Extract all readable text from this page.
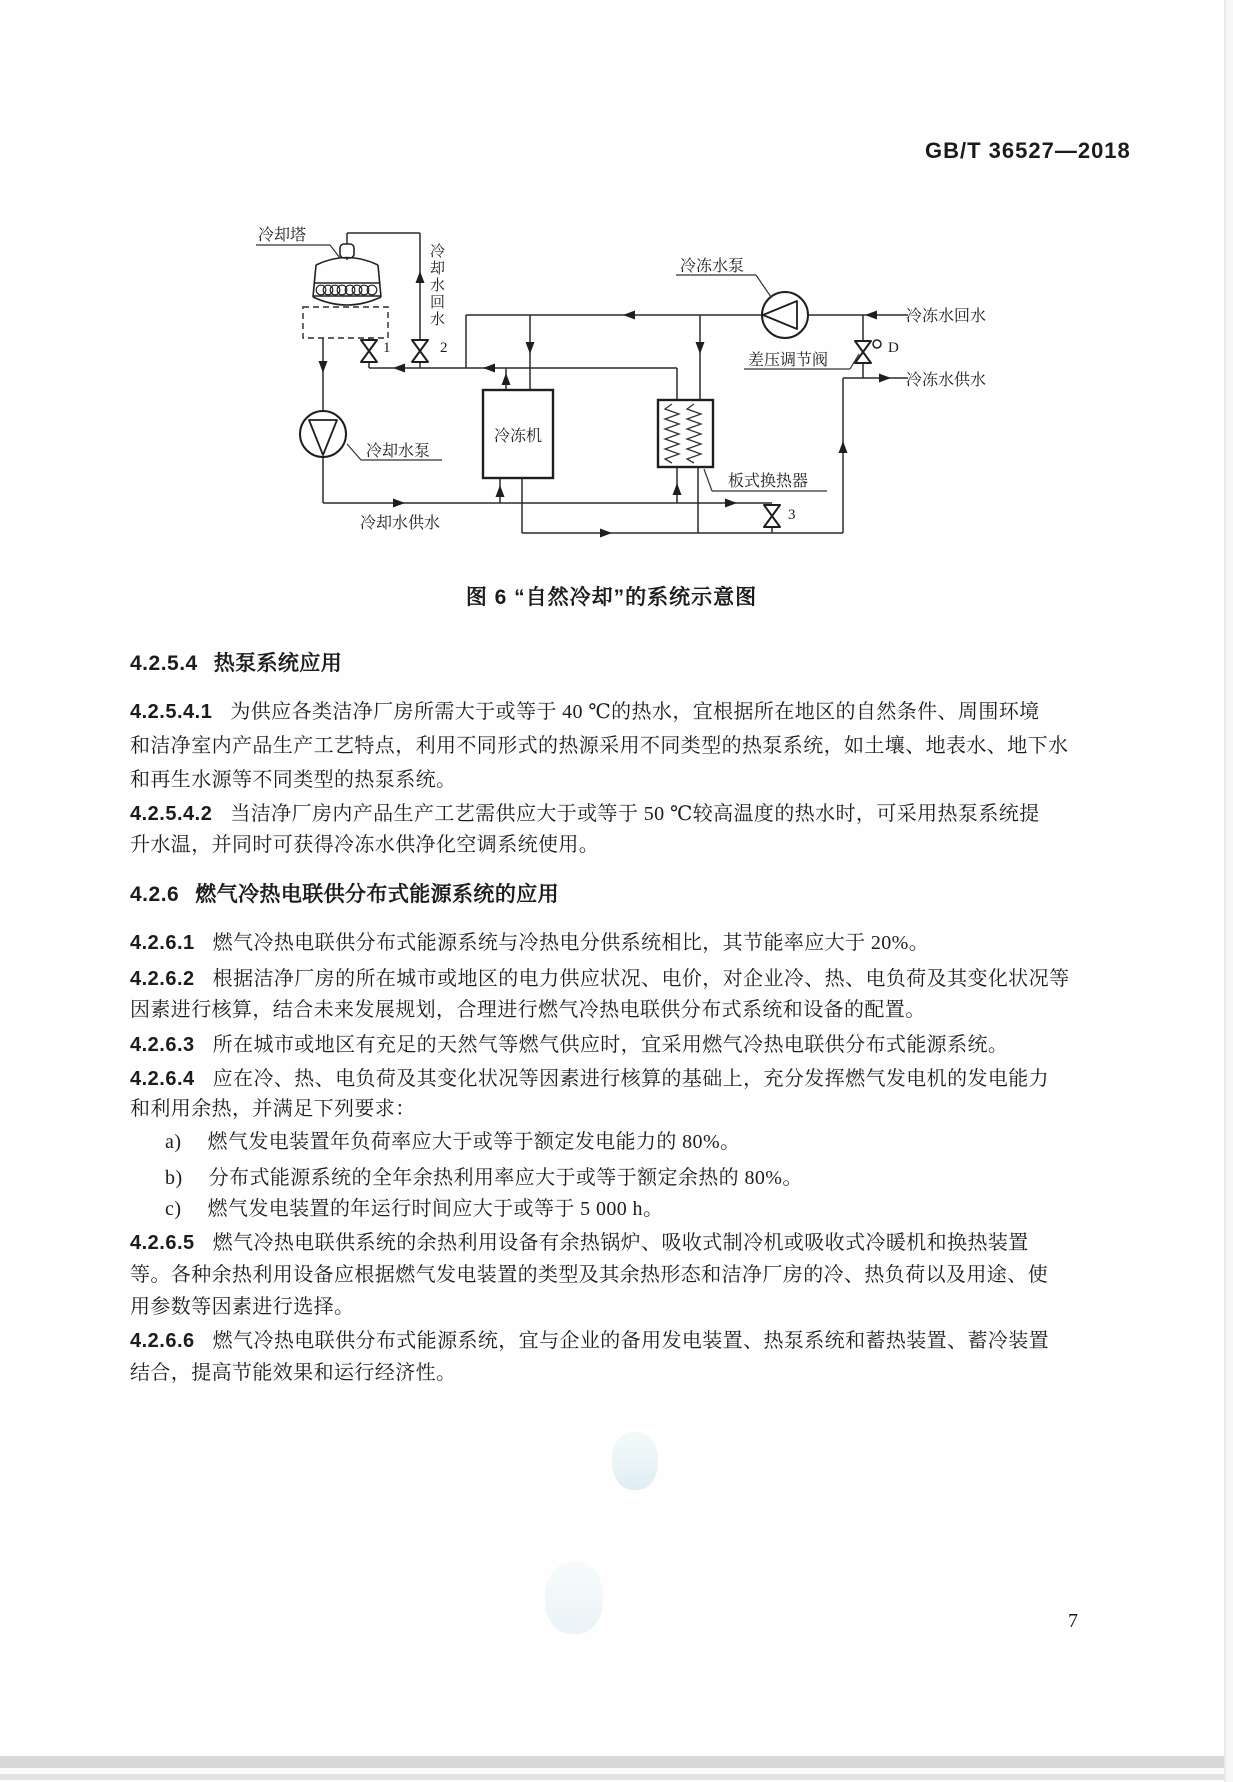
GB/T 36527—2018
冷却塔
冷却水回水	冷冻水泵
冷冻水回水
差压调节阀
D
冷冻水供水
冷冻机
板式换热器
冷却水泵
冷却水供水
1	2
3
图 6 “自然冷却”的系统示意图
4.2.5.4 热泵系统应用
4.2.5.4.1 为供应各类洁净厂房所需大于或等于 40 ℃的热水，宜根据所在地区的自然条件、周围环境
和洁净室内产品生产工艺特点，利用不同形式的热源采用不同类型的热泵系统，如土壤、地表水、地下水
和再生水源等不同类型的热泵系统。
4.2.5.4.2 当洁净厂房内产品生产工艺需供应大于或等于 50 ℃较高温度的热水时，可采用热泵系统提
升水温，并同时可获得冷冻水供净化空调系统使用。
4.2.6 燃气冷热电联供分布式能源系统的应用
4.2.6.1 燃气冷热电联供分布式能源系统与冷热电分供系统相比，其节能率应大于 20%。
4.2.6.2 根据洁净厂房的所在城市或地区的电力供应状况、电价，对企业冷、热、电负荷及其变化状况等
因素进行核算，结合未来发展规划，合理进行燃气冷热电联供分布式系统和设备的配置。
4.2.6.3 所在城市或地区有充足的天然气等燃气供应时，宜采用燃气冷热电联供分布式能源系统。
4.2.6.4 应在冷、热、电负荷及其变化状况等因素进行核算的基础上，充分发挥燃气发电机的发电能力
和利用余热，并满足下列要求：
a) 燃气发电装置年负荷率应大于或等于额定发电能力的 80%。
b) 分布式能源系统的全年余热利用率应大于或等于额定余热的 80%。
c) 燃气发电装置的年运行时间应大于或等于 5 000 h。
4.2.6.5 燃气冷热电联供系统的余热利用设备有余热锅炉、吸收式制冷机或吸收式冷暖机和换热装置
等。各种余热利用设备应根据燃气发电装置的类型及其余热形态和洁净厂房的冷、热负荷以及用途、使
用参数等因素进行选择。
4.2.6.6 燃气冷热电联供分布式能源系统，宜与企业的备用发电装置、热泵系统和蓄热装置、蓄冷装置
结合，提高节能效果和运行经济性。
7
